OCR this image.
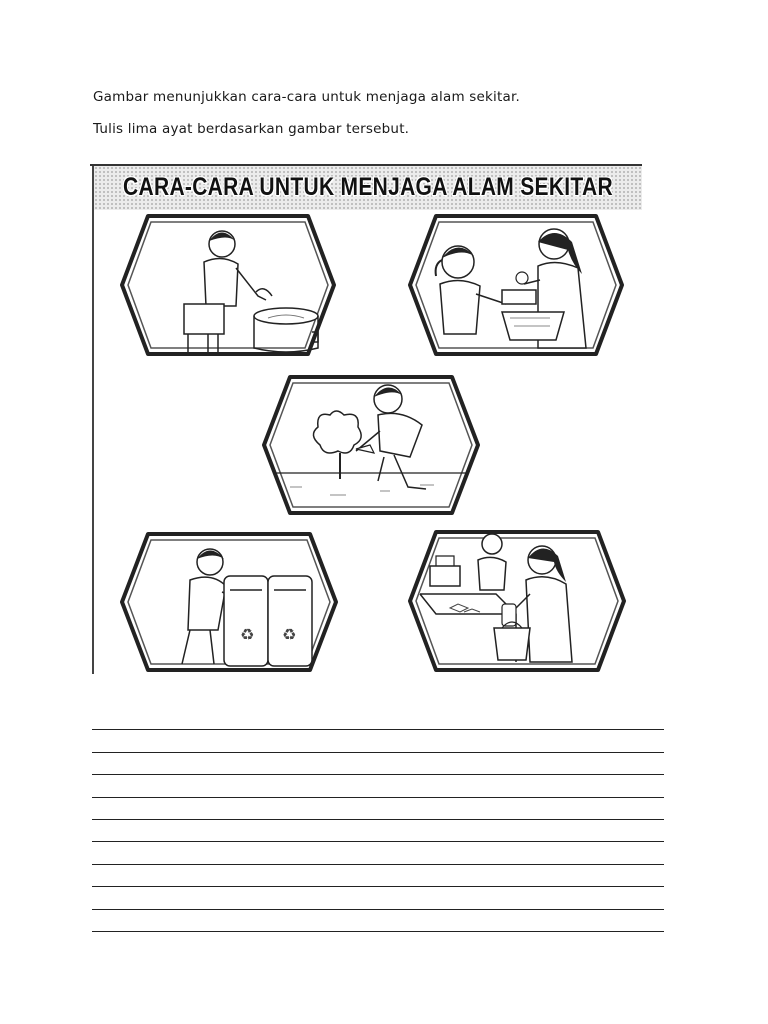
Gambar menunjukkan cara-cara untuk menjaga alam sekitar.
Tulis lima ayat berdasarkan gambar tersebut.
CARA-CARA UNTUK MENJAGA ALAM SEKITAR
♻ ♻
